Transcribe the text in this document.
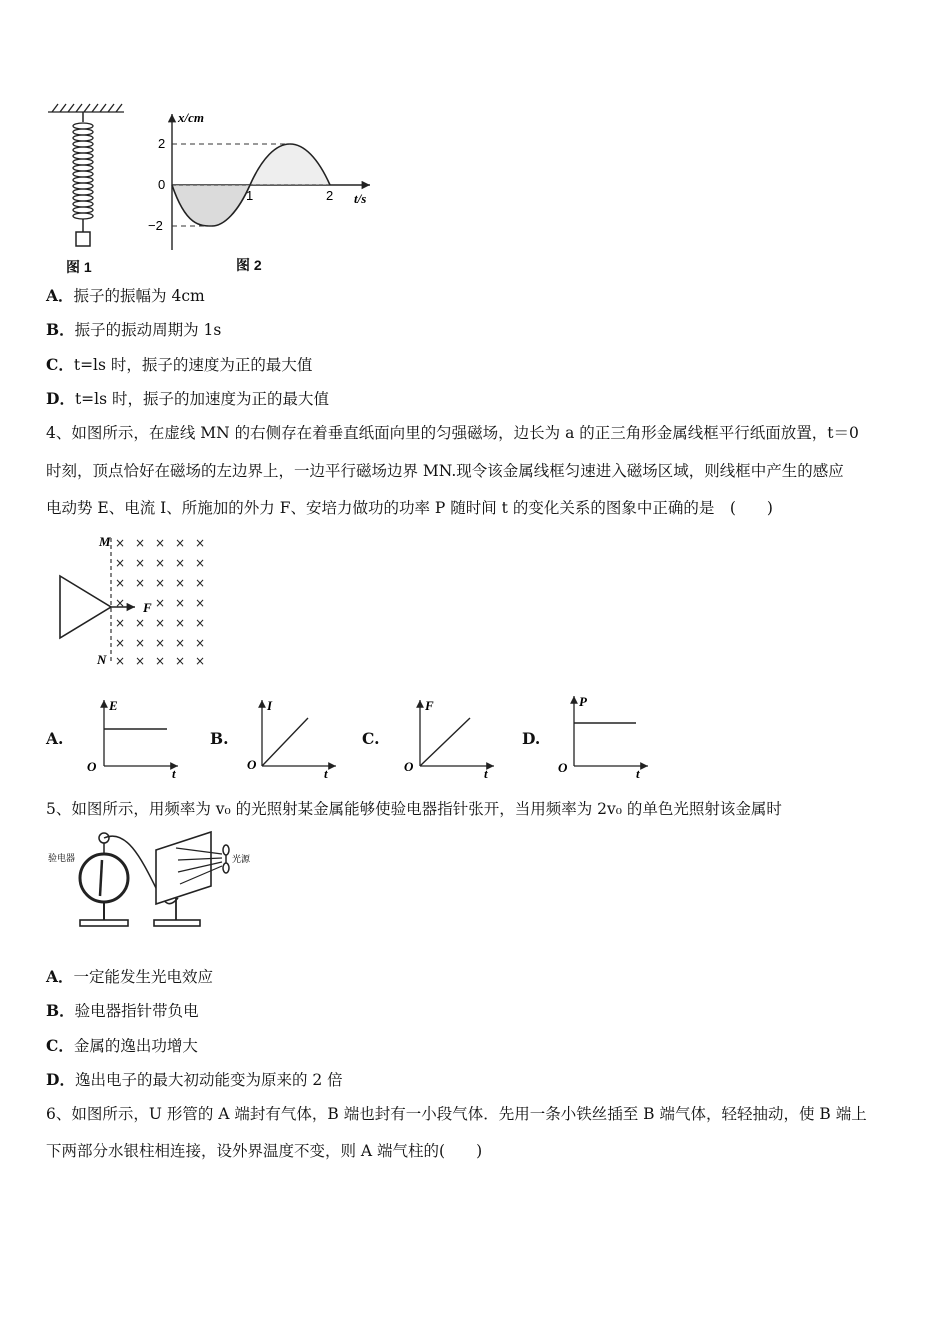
图 1
x/cm
t/s
2
0
−2
1	2
图 2
A．振子的振幅为 4cm
B．振子的振动周期为 1s
C．t=ls 时，振子的速度为正的最大值
D．t=ls 时，振子的加速度为正的最大值
4、如图所示，在虚线 MN 的右侧存在着垂直纸面向里的匀强磁场，边长为 a 的正三角形金属线框平行纸面放置，t＝0
时刻，顶点恰好在磁场的左边界上，一边平行磁场边界 MN.现令该金属线框匀速进入磁场区域，则线框中产生的感应
电动势 E、电流 I、所施加的外力 F、安培力做功的功率 P 随时间 t 的变化关系的图象中正确的是　(　　)
M
N
F
× × × × ×
× × × × ×
× × × × ×
× × × ×
× × × × ×
× × × × ×
× × × × ×
A.
E
t
O
B.
I
t
O
C.
F
t
O
D.
P
t
O
5、如图所示，用频率为 v₀ 的光照射某金属能够使验电器指针张开，当用频率为 2v₀ 的单色光照射该金属时
验电器	光源
A．一定能发生光电效应
B．验电器指针带负电
C．金属的逸出功增大
D．逸出电子的最大初动能变为原来的 2 倍
6、如图所示，U 形管的 A 端封有气体，B 端也封有一小段气体．先用一条小铁丝插至 B 端气体，轻轻抽动，使 B 端上
下两部分水银柱相连接，设外界温度不变，则 A 端气柱的(　　)
